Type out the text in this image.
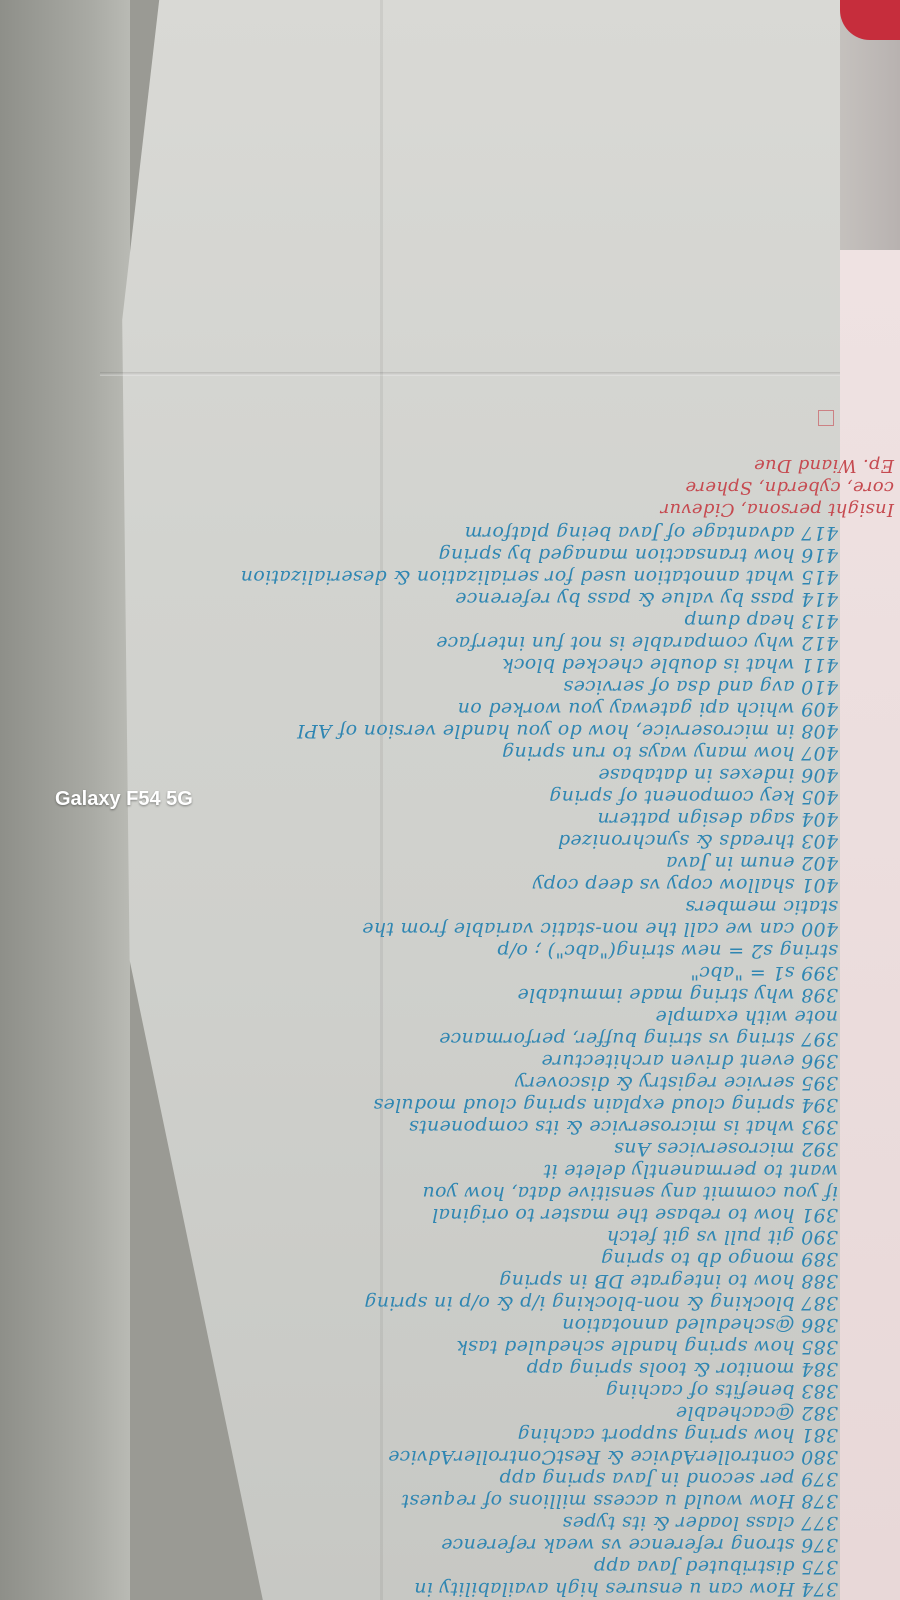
374 How can u ensures high availability in
375 distributed Java app
376 strong reference vs weak reference
377 class loader & its types
378 How would u access millions of request
379 per second in Java spring app
380 controllerAdvice & RestControllerAdvice
381 how spring support caching
382 @cacheable
383 benefits of caching
384 monitor & tools spring app
385 how spring handle scheduled task
386 @scheduled annotation
387 blocking & non-blocking i/p & o/p in spring
388 how to integrate DB in spring
389 mongo db to spring
390 git pull vs git fetch
391 how to rebase the master to original
if you commit any sensitive data, how you
want to permanently delete it
392 microservices Ans
393 what is microservice & its components
394 spring cloud explain spring cloud modules
395 service registry & discovery
396 event driven architecture
397 string vs string buffer, performance
note with example
398 why string made immutable
399 s1 = "abc"
string s2 = new string("abc") ; o/p
400 can we call the non-static variable from the
static members
401 shallow copy vs deep copy
402 enum in Java
403 threads & synchronized
404 saga design pattern
405 key component of spring
406 indexes in database
407 how many ways to run spring
408 in microservice, how do you handle version of API
409 which api gateway you worked on
410 avg and dsa of services
411 what is double checked block
412 why comparable is not fun interface
413 heap dump
414 pass by value & pass by reference
415 what annotation used for serialization & deserialization
416 how transaction managed by spring
417 advantage of Java being platform
Insight persona, Cidevur
core, cyberdn, Sphere
Ep. Wiand Due
Galaxy F54 5G
